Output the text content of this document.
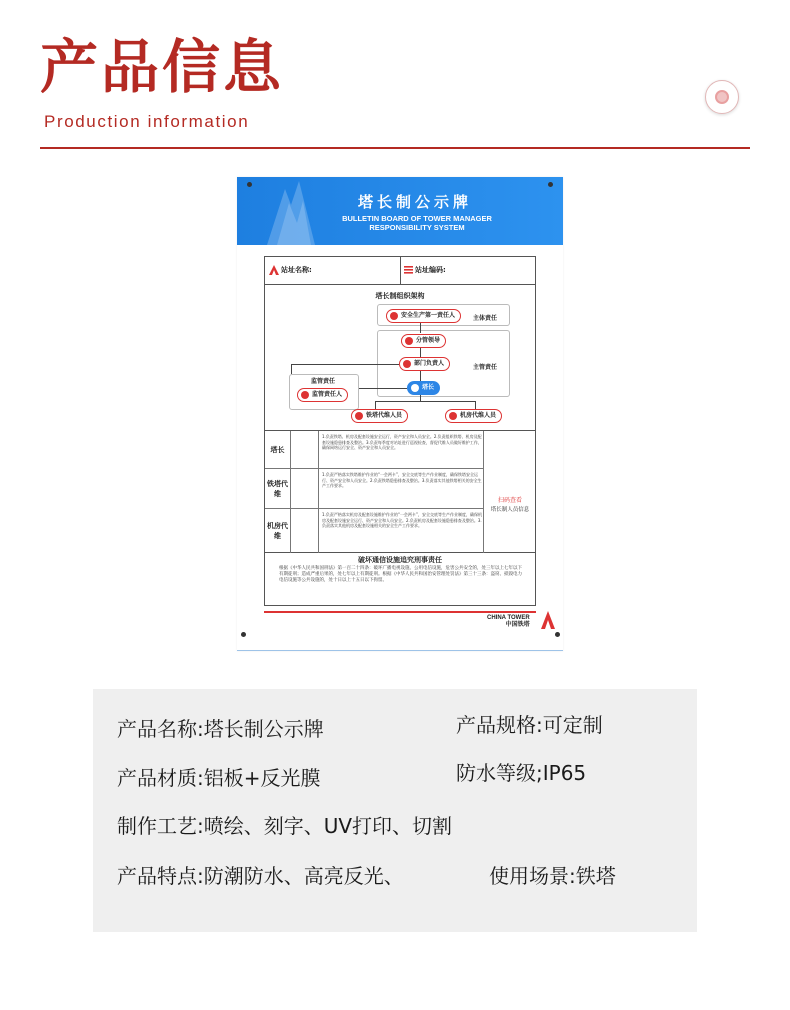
产品信息
Production information
塔长制公示牌
BULLETIN BOARD OF TOWER MANAGER
RESPONSIBILITY SYSTEM
站址名称:	站址编码:
塔长制组织架构
安全生产第一责任人	主体责任
分管领导
部门负责人
主管责任
监管责任
监管责任人
塔长
铁塔代维人员	机房代维人员
塔长
1.负责铁塔、机房及配套设施安全运行，资产安全和人员安全。2.负责组织铁塔、机房及配套设施隐患排查及整治。3.负责每季度对站址进行巡视检查，督促代维人员做好维护工作，确保网络运行安全、资产安全和人员安全。
铁塔代维
1.负责严格落实铁塔维护作业的“一会两卡”，安全交底等生产作业制度，确保铁塔安全运行、资产安全和人员安全。2.负责铁塔隐患排查及整治。3.负责落实其他铁塔相关的安全生产工作要求。
机房代维
1.负责严格落实机房及配套设施维护作业的“一会两卡”，安全交底等生产作业制度，确保机房及配套设施安全运行、资产安全和人员安全。2.负责机房及配套设施隐患排查及整治。3.负责落实其他机房及配套设施相关的安全生产工作要求。
扫码查看
塔长制人员信息
破坏通信设施追究刑事责任
根据《中华人民共和国刑法》第一百二十四条：破坏广播电视设施、公用电信设施，危害公共安全的，处三年以上七年以下有期徒刑；造成严重后果的，处七年以上有期徒刑。根据《中华人民共和国治安管理处罚法》第三十三条：盗窃、损毁电力电信设施等公共设施的，处十日以上十五日以下拘留。
CHINA TOWER
中国铁塔
产品名称:塔长制公示牌	产品规格:可定制
产品材质:铝板+反光膜	防水等级;IP65
制作工艺:喷绘、刻字、UV打印、切割
产品特点:防潮防水、高亮反光、	使用场景:铁塔
